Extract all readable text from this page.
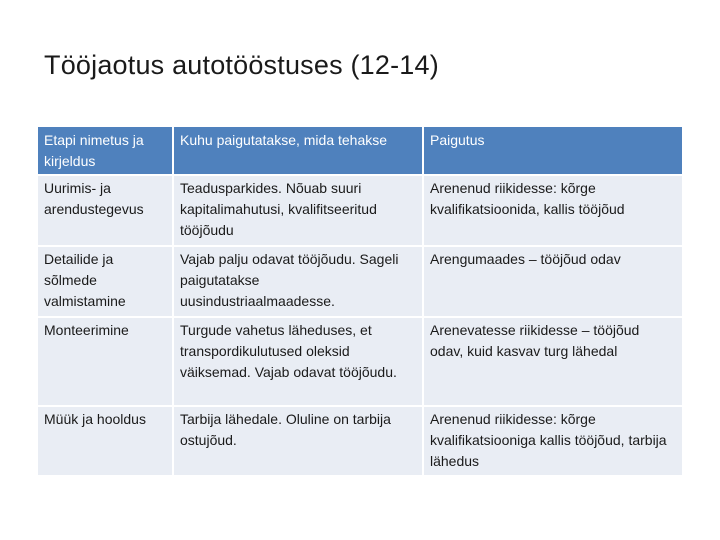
Tööjaotus autotööstuses (12-14)
Etapi nimetus ja kirjeldus	Kuhu paigutatakse, mida tehakse	Paigutus
Uurimis- ja arendustegevus	Teadusparkides. Nõuab suuri kapitalimahutusi, kvalifitseeritud tööjõudu	Arenenud riikidesse: kõrge kvalifikatsioonida, kallis tööjõud
Detailide ja sõlmede valmistamine	Vajab palju odavat tööjõudu. Sageli paigutatakse uusindustriaalmaadesse.	Arengumaades – tööjõud odav
Monteerimine	Turgude vahetus läheduses, et transpordikulutused oleksid väiksemad. Vajab odavat tööjõudu.	Arenevatesse riikidesse – tööjõud odav, kuid kasvav turg lähedal
Müük ja hooldus	Tarbija lähedale. Oluline on tarbija ostujõud.	Arenenud riikidesse: kõrge kvalifikatsiooniga kallis tööjõud, tarbija lähedus
